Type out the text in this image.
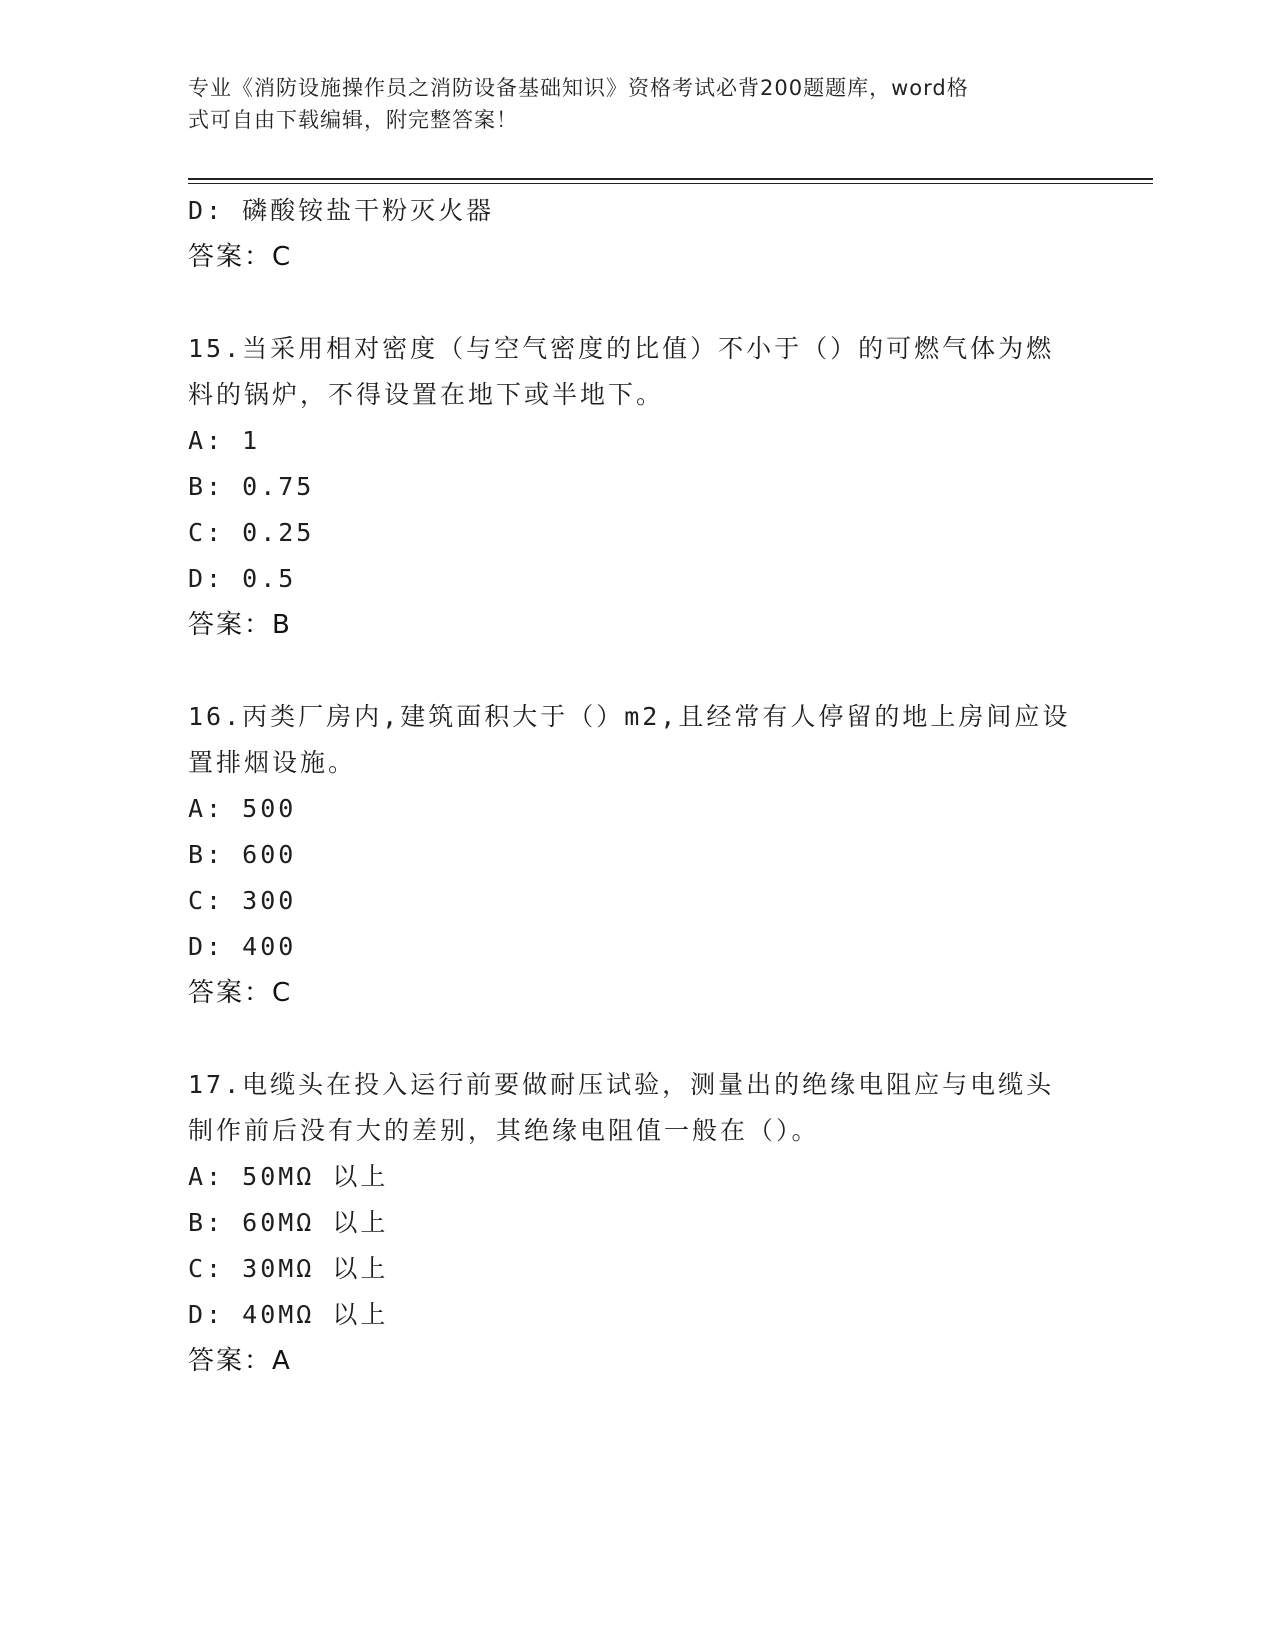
专业《消防设施操作员之消防设备基础知识》资格考试必背200题题库，word格
式可自由下载编辑，附完整答案！
D: 磷酸铵盐干粉灭火器
答案：C
15.当采用相对密度（与空气密度的比值）不小于（）的可燃气体为燃
料的锅炉，不得设置在地下或半地下。
A: 1
B: 0.75
C: 0.25
D: 0.5
答案：B
16.丙类厂房内,建筑面积大于（）m2,且经常有人停留的地上房间应设
置排烟设施。
A: 500
B: 600
C: 300
D: 400
答案：C
17.电缆头在投入运行前要做耐压试验，测量出的绝缘电阻应与电缆头
制作前后没有大的差别，其绝缘电阻值一般在（）。
A: 50MΩ 以上
B: 60MΩ 以上
C: 30MΩ 以上
D: 40MΩ 以上
答案：A
